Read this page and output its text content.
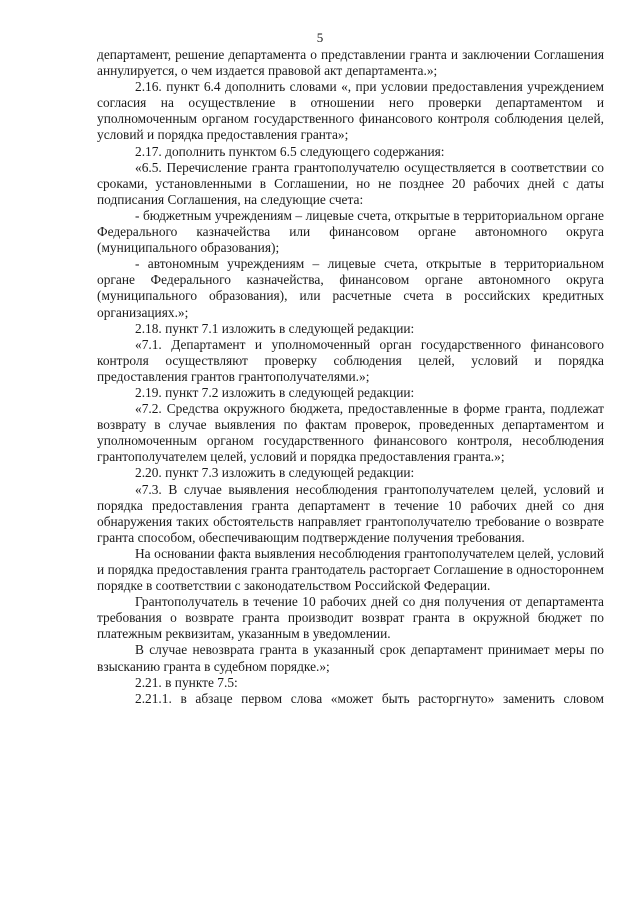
5

департамент, решение департамента о представлении гранта и заключении Соглашения аннулируется, о чем издается правовой акт департамента.»;

2.16. пункт 6.4 дополнить словами «, при условии предоставления учреждением согласия на осуществление в отношении него проверки департаментом и уполномоченным органом государственного финансового контроля соблюдения целей, условий и порядка предоставления гранта»;

2.17. дополнить пунктом 6.5 следующего содержания:

«6.5. Перечисление гранта грантополучателю осуществляется в соответствии со сроками, установленными в Соглашении, но не позднее 20 рабочих дней с даты подписания Соглашения, на следующие счета:

- бюджетным учреждениям – лицевые счета, открытые в территориальном органе Федерального казначейства или финансовом органе автономного округа (муниципального образования);

- автономным учреждениям – лицевые счета, открытые в территориальном органе Федерального казначейства, финансовом органе автономного округа (муниципального образования), или расчетные счета в российских кредитных организациях.»;

2.18. пункт 7.1 изложить в следующей редакции:

«7.1. Департамент и уполномоченный орган государственного финансового контроля осуществляют проверку соблюдения целей, условий и порядка предоставления грантов грантополучателями.»;

2.19. пункт 7.2 изложить в следующей редакции:

«7.2. Средства окружного бюджета, предоставленные в форме гранта, подлежат возврату в случае выявления по фактам проверок, проведенных департаментом и уполномоченным органом государственного финансового контроля, несоблюдения грантополучателем целей, условий и порядка предоставления гранта.»;

2.20. пункт 7.3 изложить в следующей редакции:

«7.3. В случае выявления несоблюдения грантополучателем целей, условий и порядка предоставления гранта департамент в течение 10 рабочих дней со дня обнаружения таких обстоятельств направляет грантополучателю требование о возврате гранта способом, обеспечивающим подтверждение получения требования.

На основании факта выявления несоблюдения грантополучателем целей, условий и порядка предоставления гранта грантодатель расторгает Соглашение в одностороннем порядке в соответствии с законодательством Российской Федерации.

Грантополучатель в течение 10 рабочих дней со дня получения от департамента требования о возврате гранта производит возврат гранта в окружной бюджет по платежным реквизитам, указанным в уведомлении.

В случае невозврата гранта в указанный срок департамент принимает меры по взысканию гранта в судебном порядке.»;

2.21. в пункте 7.5:

2.21.1. в абзаце первом слова «может быть расторгнуто» заменить словом
